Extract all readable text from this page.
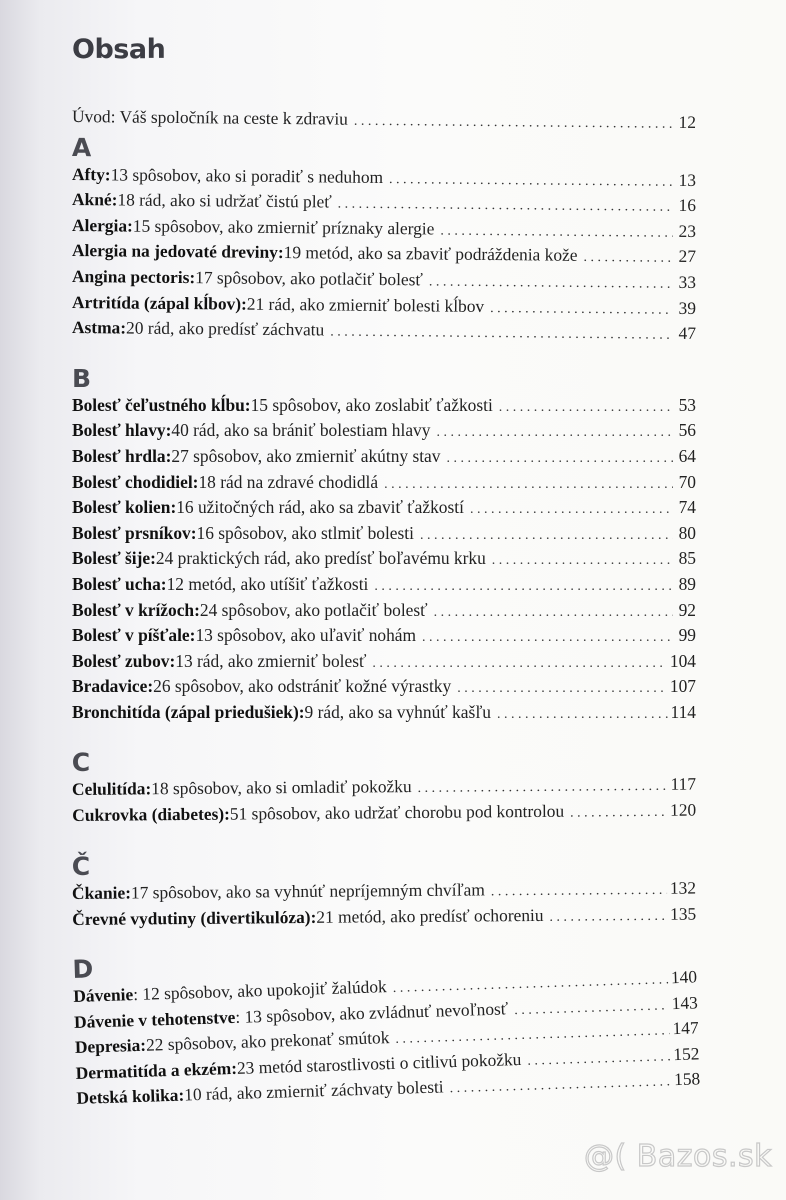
Obsah
Úvod: Váš spoločník na ceste k zdraviu . . .	12
A
Afty: 13 spôsobov, ako si poradiť s neduhom . . .	13
Akné: 18 rád, ako si udržať čistú pleť . . .	16
Alergia: 15 spôsobov, ako zmierniť príznaky alergie . . .	23
Alergia na jedovaté dreviny: 19 metód, ako sa zbaviť podráždenia kože . . .	27
Angina pectoris: 17 spôsobov, ako potlačiť bolesť . . .	33
Artritída (zápal kĺbov): 21 rád, ako zmierniť bolesti kĺbov . . .	39
Astma: 20 rád, ako predísť záchvatu . . .	47
B
Bolesť čeľustného kĺbu: 15 spôsobov, ako zoslabiť ťažkosti . . .	53
Bolesť hlavy: 40 rád, ako sa brániť bolestiam hlavy . . .	56
Bolesť hrdla: 27 spôsobov, ako zmierniť akútny stav . . .	64
Bolesť chodidiel: 18 rád na zdravé chodidlá . . .	70
Bolesť kolien: 16 užitočných rád, ako sa zbaviť ťažkostí . . .	74
Bolesť prsníkov: 16 spôsobov, ako stlmiť bolesti . . .	80
Bolesť šije: 24 praktických rád, ako predísť boľavému krku . . .	85
Bolesť ucha: 12 metód, ako utíšiť ťažkosti . . .	89
Bolesť v krížoch: 24 spôsobov, ako potlačiť bolesť . . .	92
Bolesť v píšťale: 13 spôsobov, ako uľaviť nohám . . .	99
Bolesť zubov: 13 rád, ako zmierniť bolesť . . .	104
Bradavice: 26 spôsobov, ako odstrániť kožné výrastky . . .	107
Bronchitída (zápal priedušiek): 9 rád, ako sa vyhnúť kašľu . . .	114
C
Celulitída: 18 spôsobov, ako si omladiť pokožku . . .	117
Cukrovka (diabetes): 51 spôsobov, ako udržať chorobu pod kontrolou . . .	120
Č
Čkanie: 17 spôsobov, ako sa vyhnúť nepríjemným chvíľam . . .	132
Črevné vydutiny (divertikulóza): 21 metód, ako predísť ochoreniu . . .	135
D
Dávenie : 12 spôsobov, ako upokojiť žalúdok . . .	140
Dávenie v tehotenstve : 13 spôsobov, ako zvládnuť nevoľnosť . . .	143
Depresia: 22 spôsobov, ako prekonať smútok . . .	147
Dermatitída a ekzém: 23 metód starostlivosti o citlivú pokožku . . .	152
Detská kolika: 10 rád, ako zmierniť záchvaty bolesti . . .	158
@( Bazos.sk
